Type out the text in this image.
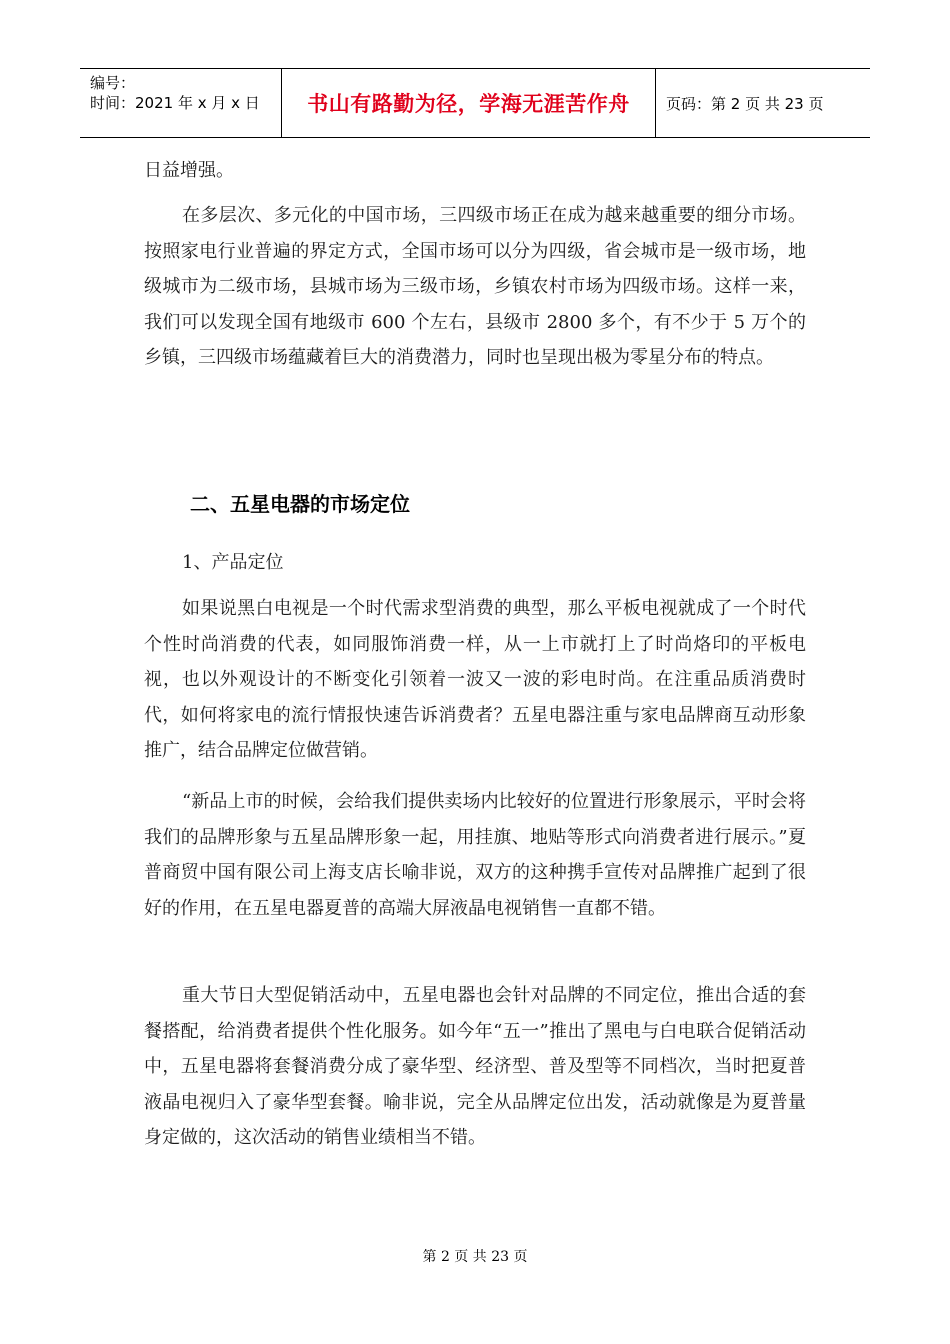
编号：
时间：2021 年 x 月 x 日	书山有路勤为径，学海无涯苦作舟	页码：第 2 页 共 23 页

日益增强。

在多层次、多元化的中国市场，三四级市场正在成为越来越重要的细分市场。按照家电行业普遍的界定方式，全国市场可以分为四级，省会城市是一级市场，地级城市为二级市场，县城市场为三级市场，乡镇农村市场为四级市场。这样一来，我们可以发现全国有地级市 600 个左右，县级市 2800 多个，有不少于 5 万个的乡镇，三四级市场蕴藏着巨大的消费潜力，同时也呈现出极为零星分布的特点。

二、五星电器的市场定位
1、产品定位

如果说黑白电视是一个时代需求型消费的典型，那么平板电视就成了一个时代个性时尚消费的代表，如同服饰消费一样，从一上市就打上了时尚烙印的平板电视，也以外观设计的不断变化引领着一波又一波的彩电时尚。在注重品质消费时代，如何将家电的流行情报快速告诉消费者？五星电器注重与家电品牌商互动形象推广，结合品牌定位做营销。

“新品上市的时候，会给我们提供卖场内比较好的位置进行形象展示，平时会将我们的品牌形象与五星品牌形象一起，用挂旗、地贴等形式向消费者进行展示。”夏普商贸中国有限公司上海支店长喻非说，双方的这种携手宣传对品牌推广起到了很好的作用，在五星电器夏普的高端大屏液晶电视销售一直都不错。

重大节日大型促销活动中，五星电器也会针对品牌的不同定位，推出合适的套餐搭配，给消费者提供个性化服务。如今年“五一”推出了黑电与白电联合促销活动中，五星电器将套餐消费分成了豪华型、经济型、普及型等不同档次，当时把夏普液晶电视归入了豪华型套餐。喻非说，完全从品牌定位出发，活动就像是为夏普量身定做的，这次活动的销售业绩相当不错。

第 2 页 共 23 页
